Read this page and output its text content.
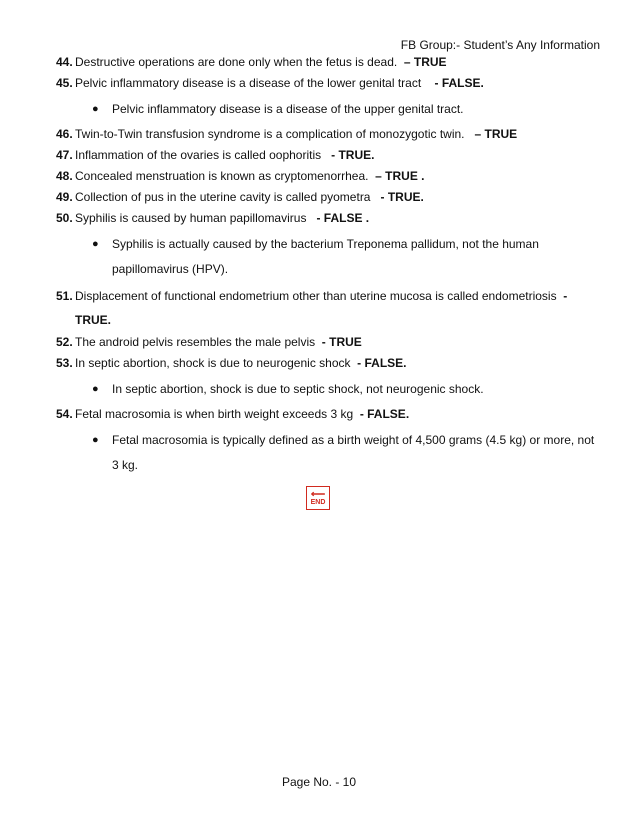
FB Group:- Student’s Any Information
44. Destructive operations are done only when the fetus is dead. – TRUE
45. Pelvic inflammatory disease is a disease of the lower genital tract - FALSE.
●	Pelvic inflammatory disease is a disease of the upper genital tract.
46. Twin-to-Twin transfusion syndrome is a complication of monozygotic twin. – TRUE
47. Inflammation of the ovaries is called oophoritis - TRUE.
48. Concealed menstruation is known as cryptomenorrhea. – TRUE .
49. Collection of pus in the uterine cavity is called pyometra - TRUE.
50. Syphilis is caused by human papillomavirus - FALSE .
●	Syphilis is actually caused by the bacterium Treponema pallidum, not the human papillomavirus (HPV).
51. Displacement of functional endometrium other than uterine mucosa is called endometriosis - TRUE.
52. The android pelvis resembles the male pelvis - TRUE
53. In septic abortion, shock is due to neurogenic shock - FALSE.
●	In septic abortion, shock is due to septic shock, not neurogenic shock.
54. Fetal macrosomia is when birth weight exceeds 3 kg - FALSE.
●	Fetal macrosomia is typically defined as a birth weight of 4,500 grams (4.5 kg) or more, not 3 kg.
⟵
END
Page No. - 10
